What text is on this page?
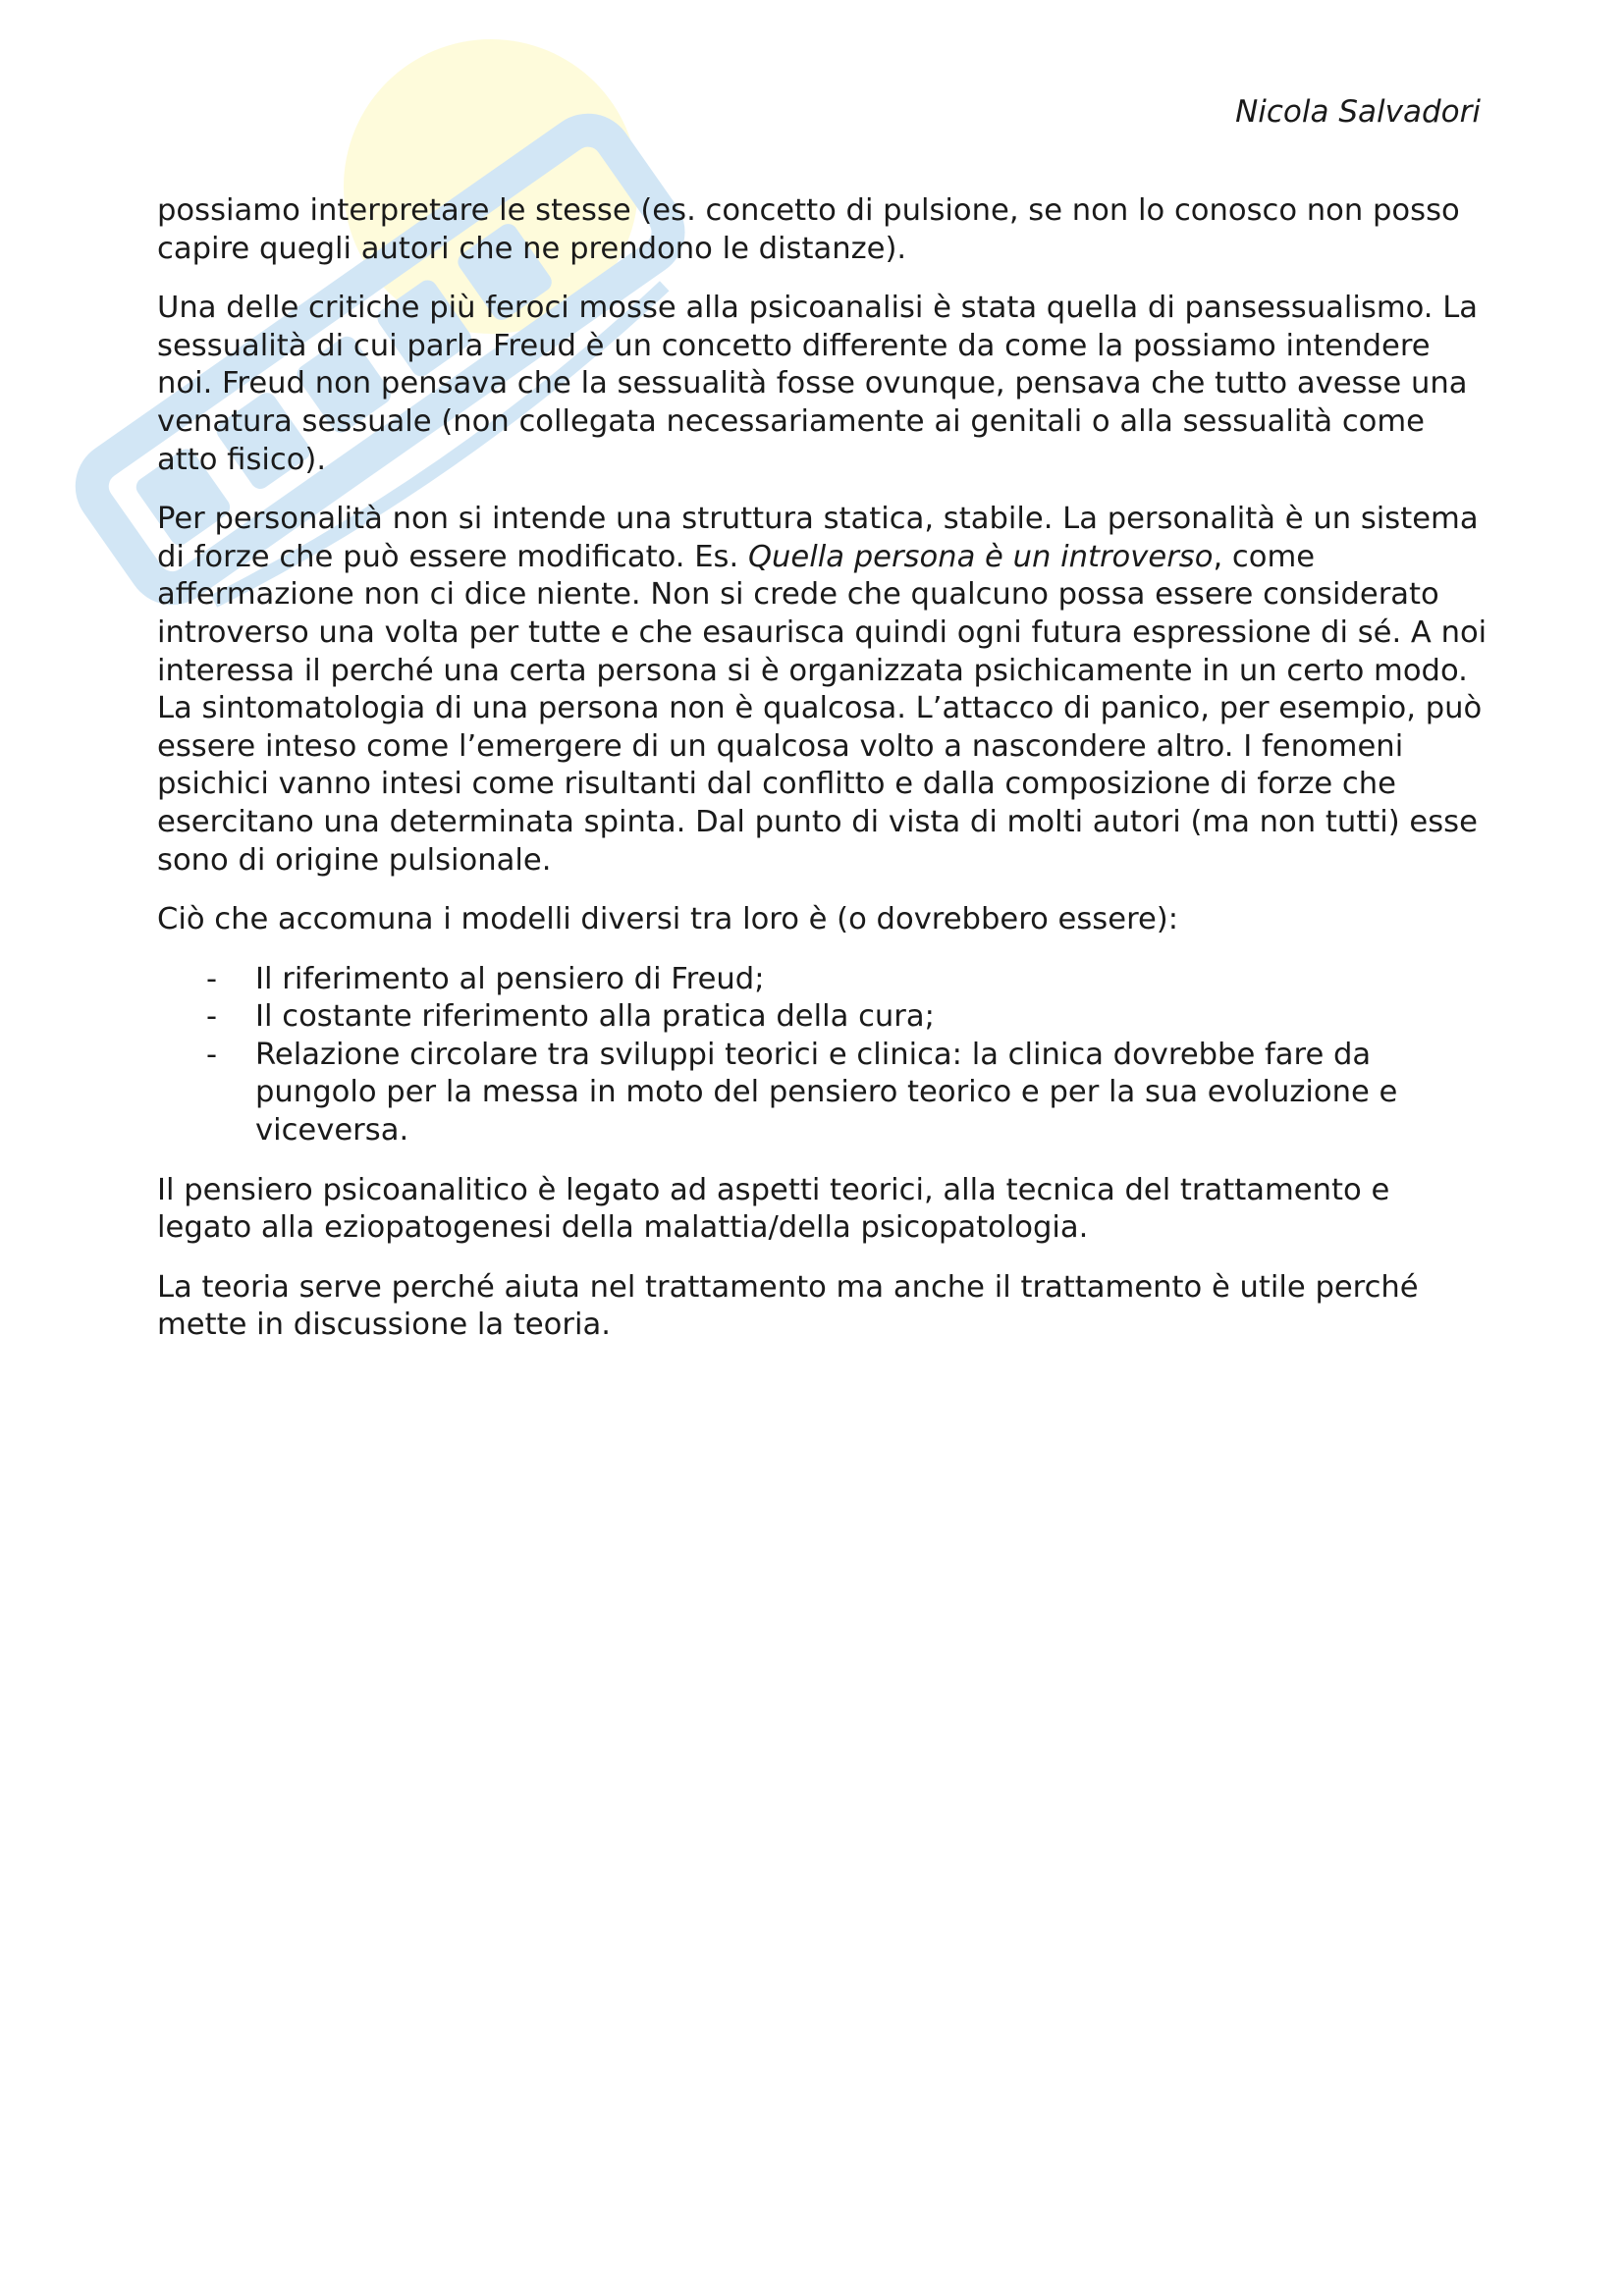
Nicola Salvadori

possiamo interpretare le stesse (es. concetto di pulsione, se non lo conosco non posso capire quegli autori che ne prendono le distanze).

Una delle critiche più feroci mosse alla psicoanalisi è stata quella di pansessualismo. La sessualità di cui parla Freud è un concetto differente da come la possiamo intendere noi. Freud non pensava che la sessualità fosse ovunque, pensava che tutto avesse una venatura sessuale (non collegata necessariamente ai genitali o alla sessualità come atto fisico).

Per personalità non si intende una struttura statica, stabile. La personalità è un sistema di forze che può essere modificato. Es. Quella persona è un introverso, come affermazione non ci dice niente. Non si crede che qualcuno possa essere considerato introverso una volta per tutte e che esaurisca quindi ogni futura espressione di sé. A noi interessa il perché una certa persona si è organizzata psichicamente in un certo modo. La sintomatologia di una persona non è qualcosa. L’attacco di panico, per esempio, può essere inteso come l’emergere di un qualcosa volto a nascondere altro. I fenomeni psichici vanno intesi come risultanti dal conflitto e dalla composizione di forze che esercitano una determinata spinta. Dal punto di vista di molti autori (ma non tutti) esse sono di origine pulsionale.

Ciò che accomuna i modelli diversi tra loro è (o dovrebbero essere):

- Il riferimento al pensiero di Freud;
- Il costante riferimento alla pratica della cura;
- Relazione circolare tra sviluppi teorici e clinica: la clinica dovrebbe fare da pungolo per la messa in moto del pensiero teorico e per la sua evoluzione e viceversa.

Il pensiero psicoanalitico è legato ad aspetti teorici, alla tecnica del trattamento e legato alla eziopatogenesi della malattia/della psicopatologia.

La teoria serve perché aiuta nel trattamento ma anche il trattamento è utile perché mette in discussione la teoria.
